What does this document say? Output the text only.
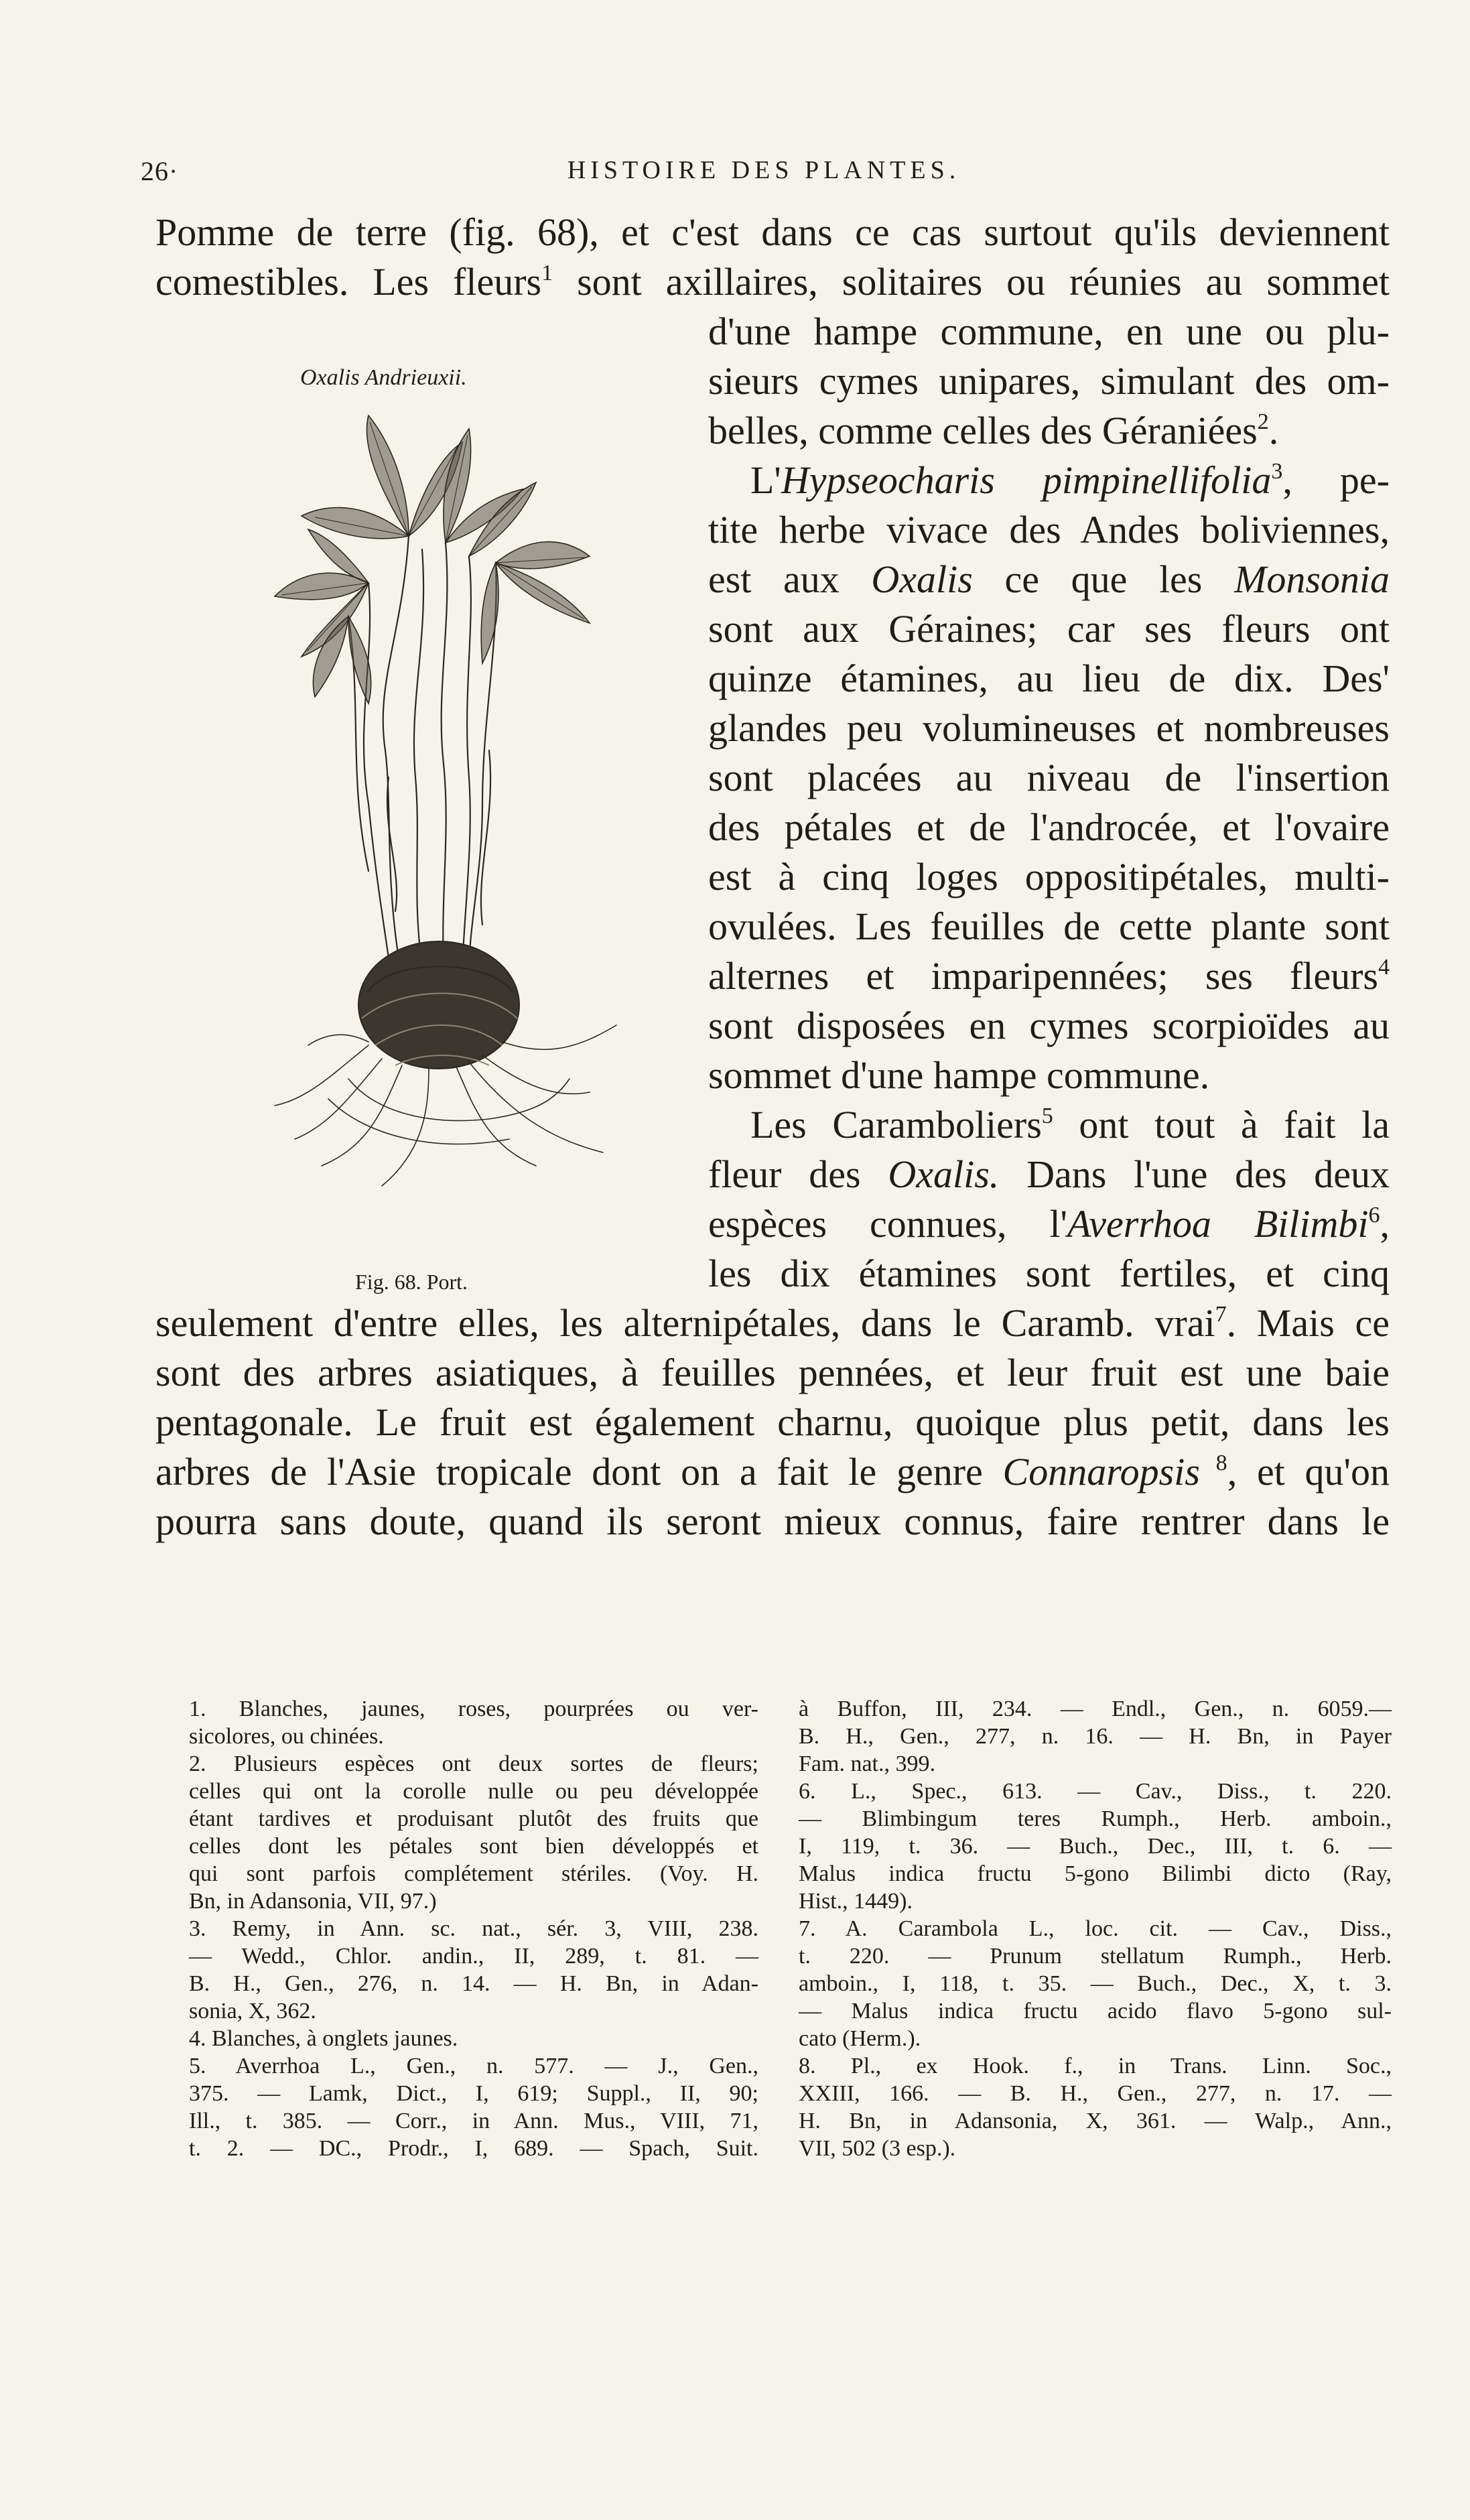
26·	HISTOIRE DES PLANTES.
Oxalis Andrieuxii.
Fig. 68. Port.

Pomme de terre (fig. 68), et c'est dans ce cas surtout qu'ils deviennent

comestibles. Les fleurs$^1$ sont axillaires, solitaires ou réunies au sommet

d'une hampe commune, en une ou plu-

sieurs cymes unipares, simulant des om-

belles, comme celles des Géraniées$^2$.

L'Hypseocharis pimpinellifolia$^3$, pe-

tite herbe vivace des Andes boliviennes,

est aux Oxalis ce que les Monsonia

sont aux Géraines; car ses fleurs ont

quinze étamines, au lieu de dix. Des'

glandes peu volumineuses et nombreuses

sont placées au niveau de l'insertion

des pétales et de l'androcée, et l'ovaire

est à cinq loges oppositipétales, multi-

ovulées. Les feuilles de cette plante sont

alternes et imparipennées; ses fleurs$^4$

sont disposées en cymes scorpioïdes au

sommet d'une hampe commune.

Les Caramboliers$^5$ ont tout à fait la

fleur des Oxalis. Dans l'une des deux

espèces connues, l'Averrhoa Bilimbi$^6$,

les dix étamines sont fertiles, et cinq

seulement d'entre elles, les alternipétales, dans le Caramb. vrai$^7$. Mais ce

sont des arbres asiatiques, à feuilles pennées, et leur fruit est une baie

pentagonale. Le fruit est également charnu, quoique plus petit, dans les

arbres de l'Asie tropicale dont on a fait le genre Connaropsis $^8$, et qu'on

pourra sans doute, quand ils seront mieux connus, faire rentrer dans le

1. Blanches, jaunes, roses, pourprées ou ver-
sicolores, ou chinées.
2. Plusieurs espèces ont deux sortes de fleurs;
celles qui ont la corolle nulle ou peu développée
étant tardives et produisant plutôt des fruits que
celles dont les pétales sont bien développés et
qui sont parfois complétement stériles. (Voy. H.
Bn, in Adansonia, VII, 97.)
3. Remy, in Ann. sc. nat., sér. 3, VIII, 238.
— Wedd., Chlor. andin., II, 289, t. 81. —
B. H., Gen., 276, n. 14. — H. Bn, in Adan-
sonia, X, 362.
4. Blanches, à onglets jaunes.
5. Averrhoa L., Gen., n. 577. — J., Gen.,
375. — Lamk, Dict., I, 619; Suppl., II, 90;
Ill., t. 385. — Corr., in Ann. Mus., VIII, 71,
t. 2. — DC., Prodr., I, 689. — Spach, Suit.
à Buffon, III, 234. — Endl., Gen., n. 6059.—
B. H., Gen., 277, n. 16. — H. Bn, in Payer
Fam. nat., 399.
6. L., Spec., 613. — Cav., Diss., t. 220.
— Blimbingum teres Rumph., Herb. amboin.,
I, 119, t. 36. — Buch., Dec., III, t. 6. —
Malus indica fructu 5-gono Bilimbi dicto (Ray,
Hist., 1449).
7. A. Carambola L., loc. cit. — Cav., Diss.,
t. 220. — Prunum stellatum Rumph., Herb.
amboin., I, 118, t. 35. — Buch., Dec., X, t. 3.
— Malus indica fructu acido flavo 5-gono sul-
cato (Herm.).
8. Pl., ex Hook. f., in Trans. Linn. Soc.,
XXIII, 166. — B. H., Gen., 277, n. 17. —
H. Bn, in Adansonia, X, 361. — Walp., Ann.,
VII, 502 (3 esp.).
